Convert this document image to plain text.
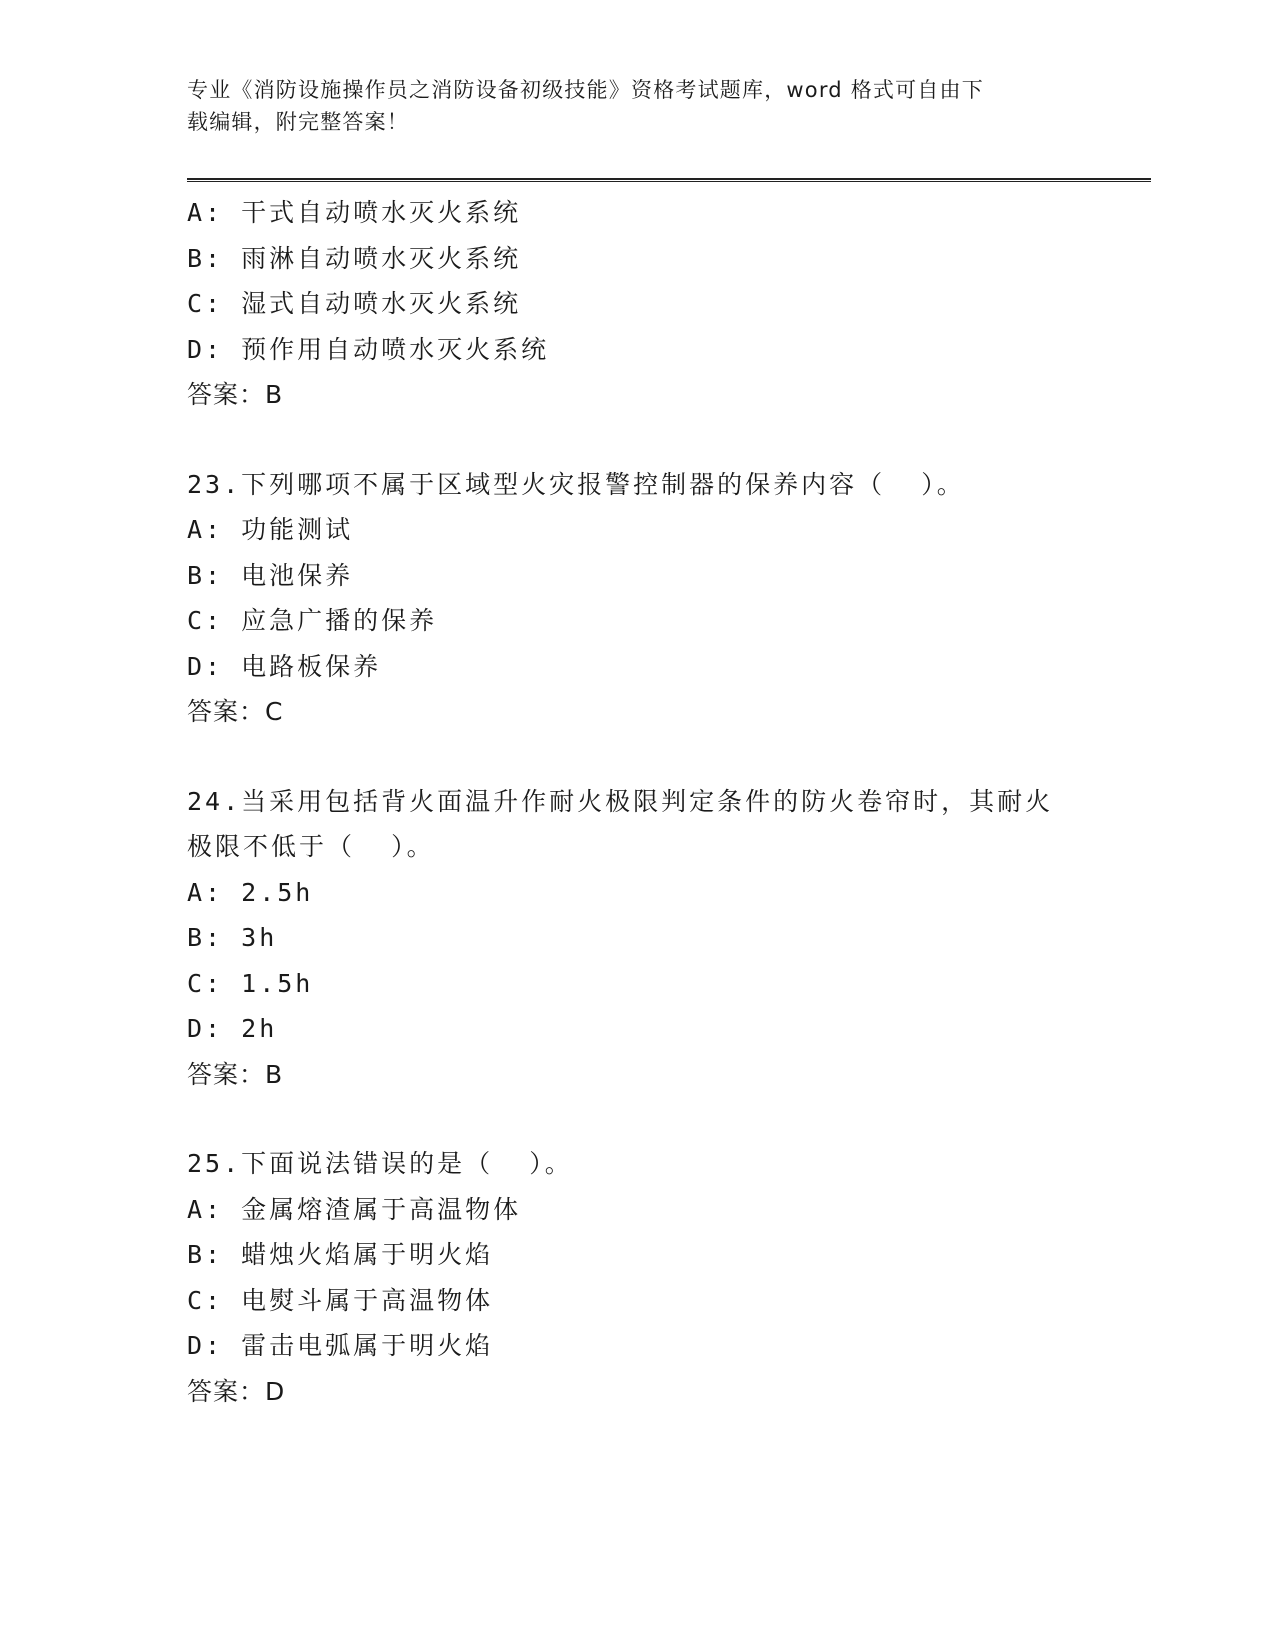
专业《消防设施操作员之消防设备初级技能》资格考试题库，word 格式可自由下
载编辑，附完整答案！
A: 干式自动喷水灭火系统
B: 雨淋自动喷水灭火系统
C: 湿式自动喷水灭火系统
D: 预作用自动喷水灭火系统
答案：B
23.下列哪项不属于区域型火灾报警控制器的保养内容（  ）。
A: 功能测试
B: 电池保养
C: 应急广播的保养
D: 电路板保养
答案：C
24.当采用包括背火面温升作耐火极限判定条件的防火卷帘时，其耐火
极限不低于（  ）。
A: 2.5h
B: 3h
C: 1.5h
D: 2h
答案：B
25.下面说法错误的是（  ）。
A: 金属熔渣属于高温物体
B: 蜡烛火焰属于明火焰
C: 电熨斗属于高温物体
D: 雷击电弧属于明火焰
答案：D
